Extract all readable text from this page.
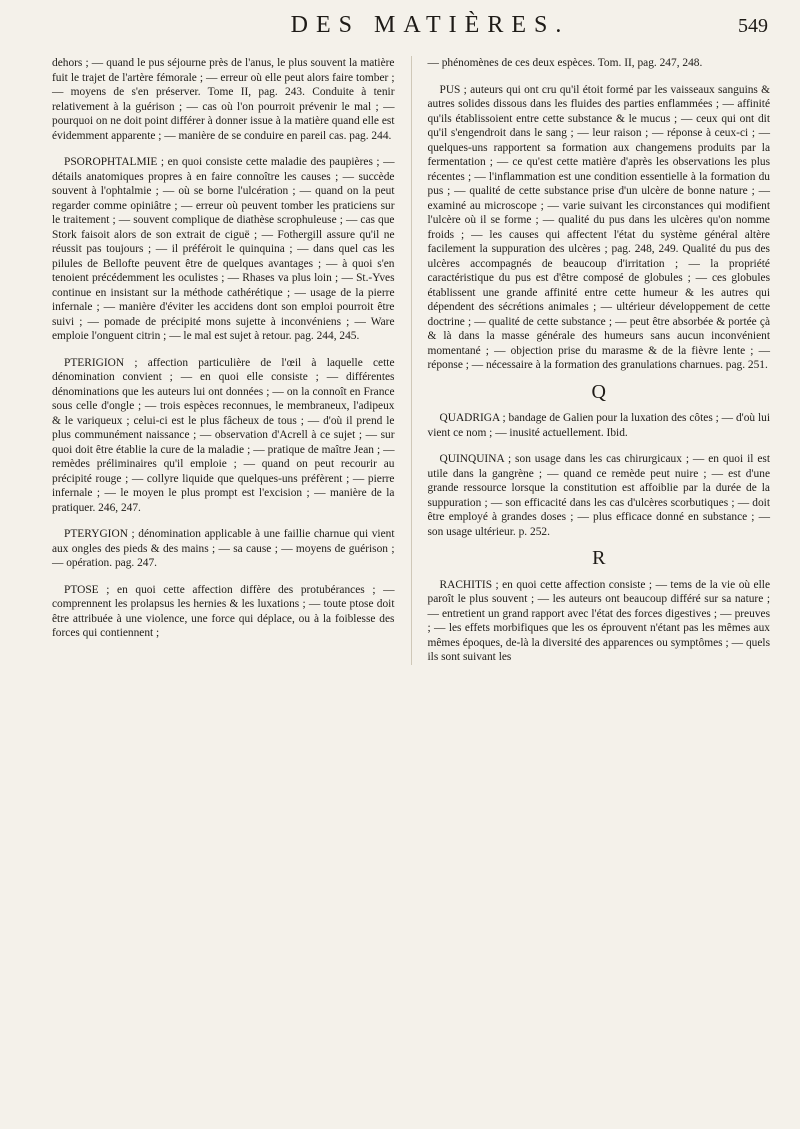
DES MATIÈRES.	549

dehors ; — quand le pus séjourne près de l'anus, le plus souvent la matière fuit le trajet de l'artère fémorale ; — erreur où elle peut alors faire tomber ; — moyens de s'en préserver. Tome II, pag. 243. Conduite à tenir relativement à la guérison ; — cas où l'on pourroit prévenir le mal ; — pourquoi on ne doit point différer à donner issue à la matière quand elle est évidemment apparente ; — manière de se conduire en pareil cas. pag. 244.

PSOROPHTALMIE ; en quoi consiste cette maladie des paupières ; — détails anatomiques propres à en faire connoître les causes ; — succède souvent à l'ophtalmie ; — où se borne l'ulcération ; — quand on la peut regarder comme opiniâtre ; — erreur où peuvent tomber les praticiens sur le traitement ; — souvent complique de diathèse scrophuleuse ; — cas que Stork faisoit alors de son extrait de ciguë ; — Fothergill assure qu'il ne réussit pas toujours ; — il préféroit le quinquina ; — dans quel cas les pilules de Bellofte peuvent être de quelques avantages ; — à quoi s'en tenoient précédemment les oculistes ; — Rhases va plus loin ; — St.-Yves continue en insistant sur la méthode cathérétique ; — usage de la pierre infernale ; — manière d'éviter les accidens dont son emploi pourroit être suivi ; — pomade de précipité mons sujette à inconvéniens ; — Ware emploie l'onguent citrin ; — le mal est sujet à retour. pag. 244, 245.

PTERIGION ; affection particulière de l'œil à laquelle cette dénomination convient ; — en quoi elle consiste ; — différentes dénominations que les auteurs lui ont données ; — on la connoît en France sous celle d'ongle ; — trois espèces reconnues, le membraneux, l'adipeux & le variqueux ; celui-ci est le plus fâcheux de tous ; — d'où il prend le plus communément naissance ; — observation d'Acrell à ce sujet ; — sur quoi doit être établie la cure de la maladie ; — pratique de maître Jean ; — remèdes préliminaires qu'il emploie ; — quand on peut recourir au précipité rouge ; — collyre liquide que quelques-uns préfèrent ; — pierre infernale ; — le moyen le plus prompt est l'excision ; — manière de la pratiquer. 246, 247.

PTERYGION ; dénomination applicable à une faillie charnue qui vient aux ongles des pieds & des mains ; — sa cause ; — moyens de guérison ; — opération. pag. 247.

PTOSE ; en quoi cette affection diffère des protubérances ; — comprennent les prolapsus les hernies & les luxations ; — toute ptose doit être attribuée à une violence, une force qui déplace, ou à la foiblesse des forces qui contiennent ;

— phénomènes de ces deux espèces. Tom. II, pag. 247, 248.

PUS ; auteurs qui ont cru qu'il étoit formé par les vaisseaux sanguins & autres solides dissous dans les fluides des parties enflammées ; — affinité qu'ils établissoient entre cette substance & le mucus ; — ceux qui ont dit qu'il s'engendroit dans le sang ; — leur raison ; — réponse à ceux-ci ; — quelques-uns rapportent sa formation aux changemens produits par la fermentation ; — ce qu'est cette matière d'après les observations les plus récentes ; — l'inflammation est une condition essentielle à la formation du pus ; — qualité de cette substance prise d'un ulcère de bonne nature ; — examiné au microscope ; — varie suivant les circonstances qui modifient l'ulcère où il se forme ; — qualité du pus dans les ulcères qu'on nomme froids ; — les causes qui affectent l'état du système général altère facilement la suppuration des ulcères ; pag. 248, 249. Qualité du pus des ulcères accompagnés de beaucoup d'irritation ; — la propriété caractéristique du pus est d'être composé de globules ; — ces globules établissent une grande affinité entre cette humeur & les autres qui dépendent des sécrétions animales ; — ultérieur développement de cette doctrine ; — qualité de cette substance ; — peut être absorbée & portée çà & là dans la masse générale des humeurs sans aucun inconvénient momentané ; — objection prise du marasme & de la fièvre lente ; — réponse ; — nécessaire à la formation des granulations charnues. pag. 251.

Q

QUADRIGA ; bandage de Galien pour la luxation des côtes ; — d'où lui vient ce nom ; — inusité actuellement. Ibid.

QUINQUINA ; son usage dans les cas chirurgicaux ; — en quoi il est utile dans la gangrène ; — quand ce remède peut nuire ; — est d'une grande ressource lorsque la constitution est affoiblie par la durée de la suppuration ; — son efficacité dans les cas d'ulcères scorbutiques ; — doit être employé à grandes doses ; — plus efficace donné en substance ; — son usage ultérieur. p. 252.

R

RACHITIS ; en quoi cette affection consiste ; — tems de la vie où elle paroît le plus souvent ; — les auteurs ont beaucoup différé sur sa nature ; — entretient un grand rapport avec l'état des forces digestives ; — preuves ; — les effets morbifiques que les os éprouvent n'étant pas les mêmes aux mêmes époques, de-là la diversité des apparences ou symptômes ; — quels ils sont suivant les
